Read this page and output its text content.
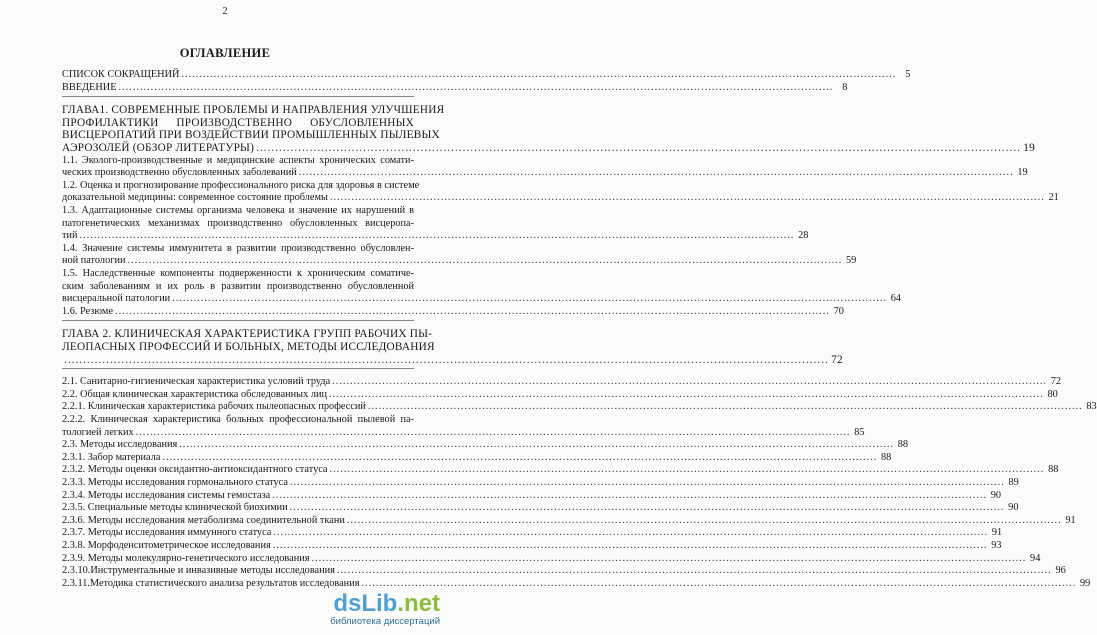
2
ОГЛАВЛЕНИЕ
СПИСОК СОКРАЩЕНИЙ ........................................................................................................................................................................................................ 5
ВВЕДЕНИЕ ........................................................................................................................................................................................................ 8
ГЛАВА1. СОВРЕМЕННЫЕ ПРОБЛЕМЫ И НАПРАВЛЕНИЯ УЛУЧШЕНИЯ
ПРОФИЛАКТИКИ ПРОИЗВОДСТВЕННО ОБУСЛОВЛЕННЫХ
ВИСЦЕРОПАТИЙ ПРИ ВОЗДЕЙСТВИИ ПРОМЫШЛЕННЫХ ПЫЛЕВЫХ
АЭРОЗОЛЕЙ (ОБЗОР ЛИТЕРАТУРЫ) ........................................................................................................................................................................................................ 19
1.1. Эколого-производственные и медицинские аспекты хронических сомати-
ческих производственно обусловленных заболеваний ........................................................................................................................................................................................................ 19
1.2. Оценка и прогнозирование профессионального риска для здоровья в системе
доказательной медицины: современное состояние проблемы ........................................................................................................................................................................................................ 21
1.3. Адаптационные системы организма человека и значение их нарушений в
патогенетических механизмах производственно обусловленных висцеропа-
тий ........................................................................................................................................................................................................ 28
1.4. Значение системы иммунитета в развитии производственно обусловлен-
ной патологии ........................................................................................................................................................................................................ 59
1.5. Наследственные компоненты подверженности к хроническим соматиче-
ским заболеваниям и их роль в развитии производственно обусловленной
висцеральной патологии ........................................................................................................................................................................................................ 64
1.6. Резюме ........................................................................................................................................................................................................ 70
ГЛАВА 2. КЛИНИЧЕСКАЯ ХАРАКТЕРИСТИКА ГРУПП РАБОЧИХ ПЫ-
ЛЕОПАСНЫХ ПРОФЕССИЙ И БОЛЬНЫХ, МЕТОДЫ ИССЛЕДОВАНИЯ
........................................................................................................................................................................................................ 72
2.1. Санитарно-гигиеническая характеристика условий труда ........................................................................................................................................................................................................ 72
2.2. Общая клиническая характеристика обследованных лиц ........................................................................................................................................................................................................ 80
2.2.1. Клиническая характеристика рабочих пылеопасных профессий ........................................................................................................................................................................................................ 83
2.2.2. Клиническая характеристика больных профессиональной пылевой па-
тологией легких ........................................................................................................................................................................................................ 85
2.3. Методы исследования ........................................................................................................................................................................................................ 88
2.3.1. Забор материала ........................................................................................................................................................................................................ 88
2.3.2. Методы оценки оксидантно-антиоксидантного статуса ........................................................................................................................................................................................................ 88
2.3.3. Методы исследования гормонального статуса ........................................................................................................................................................................................................ 89
2.3.4. Методы исследования системы гемостаза ........................................................................................................................................................................................................ 90
2.3.5. Специальные методы клинической биохимии ........................................................................................................................................................................................................ 90
2.3.6. Методы исследования метаболизма соединительной ткани ........................................................................................................................................................................................................ 91
2.3.7. Методы исследования иммунного статуса ........................................................................................................................................................................................................ 91
2.3.8. Морфоденситометрическое исследования ........................................................................................................................................................................................................ 93
2.3.9. Методы молекулярно-генетического исследования ........................................................................................................................................................................................................ 94
2.3.10.Инструментальные и инвазивные методы исследования ........................................................................................................................................................................................................ 96
2.3.11.Методика статистического анализа результатов исследования ........................................................................................................................................................................................................ 99
dsLib.net
библиотека диссертаций
